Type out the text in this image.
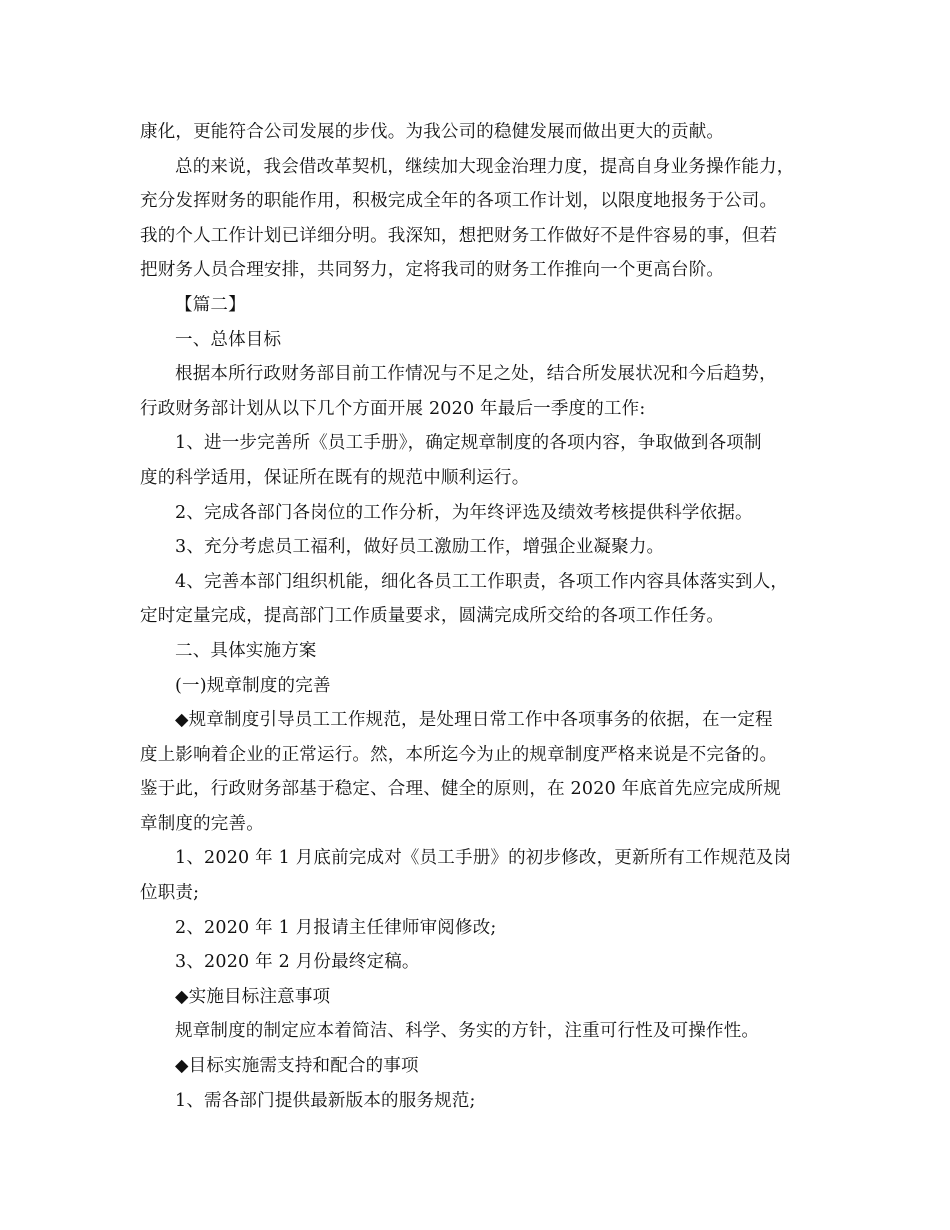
康化，更能符合公司发展的步伐。为我公司的稳健发展而做出更大的贡献。
总的来说，我会借改革契机，继续加大现金治理力度，提高自身业务操作能力，
充分发挥财务的职能作用，积极完成全年的各项工作计划，以限度地报务于公司。
我的个人工作计划已详细分明。我深知，想把财务工作做好不是件容易的事，但若
把财务人员合理安排，共同努力，定将我司的财务工作推向一个更高台阶。
【篇二】
一、总体目标
根据本所行政财务部目前工作情况与不足之处，结合所发展状况和今后趋势，
行政财务部计划从以下几个方面开展 2020 年最后一季度的工作:
1、进一步完善所《员工手册》，确定规章制度的各项内容，争取做到各项制
度的科学适用，保证所在既有的规范中顺利运行。
2、完成各部门各岗位的工作分析，为年终评选及绩效考核提供科学依据。
3、充分考虑员工福利，做好员工激励工作，增强企业凝聚力。
4、完善本部门组织机能，细化各员工工作职责，各项工作内容具体落实到人，
定时定量完成，提高部门工作质量要求，圆满完成所交给的各项工作任务。
二、具体实施方案
(一)规章制度的完善
◆规章制度引导员工工作规范，是处理日常工作中各项事务的依据，在一定程
度上影响着企业的正常运行。然，本所迄今为止的规章制度严格来说是不完备的。
鉴于此，行政财务部基于稳定、合理、健全的原则，在 2020 年底首先应完成所规
章制度的完善。
1、2020 年 1 月底前完成对《员工手册》的初步修改，更新所有工作规范及岗
位职责;
2、2020 年 1 月报请主任律师审阅修改;
3、2020 年 2 月份最终定稿。
◆实施目标注意事项
规章制度的制定应本着简洁、科学、务实的方针，注重可行性及可操作性。
◆目标实施需支持和配合的事项
1、需各部门提供最新版本的服务规范;
